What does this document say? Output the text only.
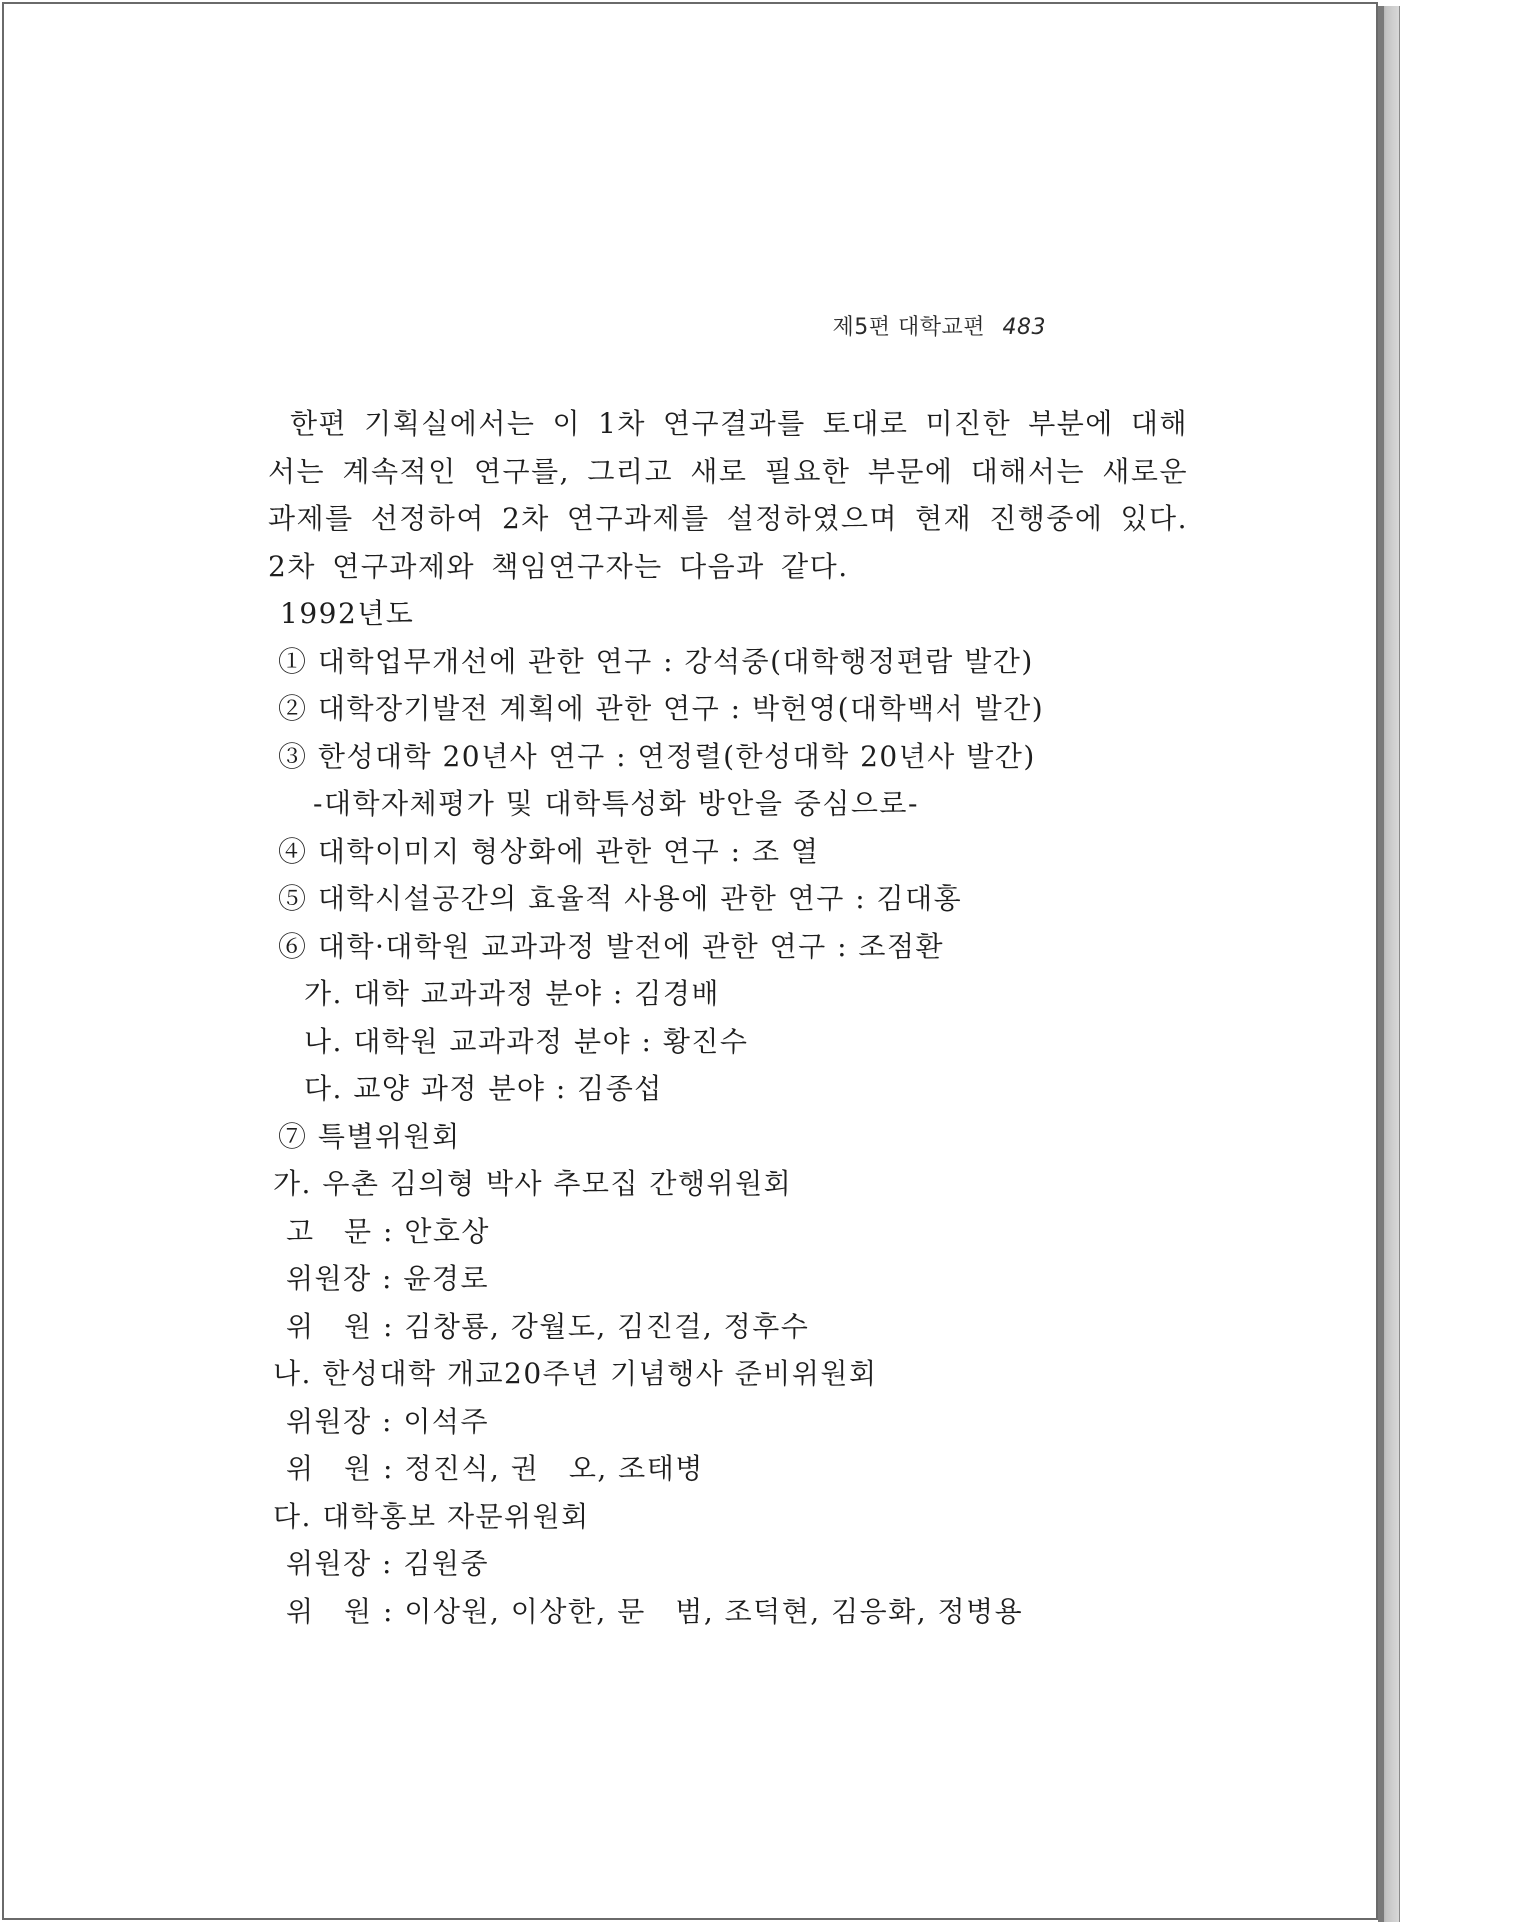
제5편 대학교편 483

한편 기획실에서는 이 1차 연구결과를 토대로 미진한 부분에 대해서는 계속적인 연구를, 그리고 새로 필요한 부문에 대해서는 새로운 과제를 선정하여 2차 연구과제를 설정하였으며 현재 진행중에 있다. 2차 연구과제와 책임연구자는 다음과 같다.

1992년도
① 대학업무개선에 관한 연구 : 강석중(대학행정편람 발간)
② 대학장기발전 계획에 관한 연구 : 박헌영(대학백서 발간)
③ 한성대학 20년사 연구 : 연정렬(한성대학 20년사 발간)
-대학자체평가 및 대학특성화 방안을 중심으로-
④ 대학이미지 형상화에 관한 연구 : 조 열
⑤ 대학시설공간의 효율적 사용에 관한 연구 : 김대홍
⑥ 대학·대학원 교과과정 발전에 관한 연구 : 조점환
가. 대학 교과과정 분야 : 김경배
나. 대학원 교과과정 분야 : 황진수
다. 교양 과정 분야 : 김종섭
⑦ 특별위원회
가. 우촌 김의형 박사 추모집 간행위원회
고　문 : 안호상
위원장 : 윤경로
위　원 : 김창룡, 강월도, 김진걸, 정후수
나. 한성대학 개교20주년 기념행사 준비위원회
위원장 : 이석주
위　원 : 정진식, 권　오, 조태병
다. 대학홍보 자문위원회
위원장 : 김원중
위　원 : 이상원, 이상한, 문　범, 조덕현, 김응화, 정병용
